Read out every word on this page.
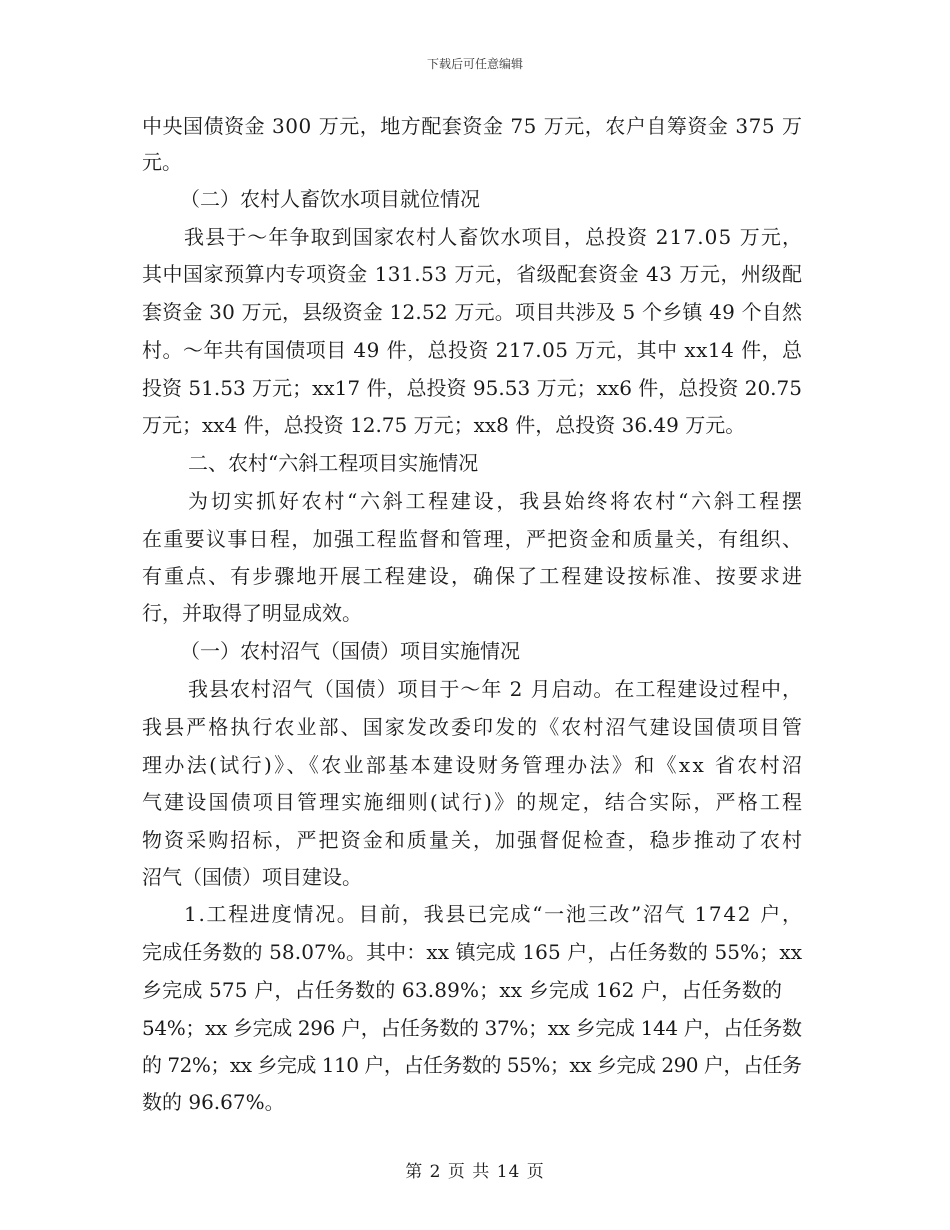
下载后可任意编辑
中央国债资金 300 万元，地方配套资金 75 万元，农户自筹资金 375 万
元。
（二）农村人畜饮水项目就位情况
我县于～年争取到国家农村人畜饮水项目，总投资 217.05 万元，
其中国家预算内专项资金 131.53 万元，省级配套资金 43 万元，州级配
套资金 30 万元，县级资金 12.52 万元。项目共涉及 5 个乡镇 49 个自然
村。～年共有国债项目 49 件，总投资 217.05 万元，其中 xx14 件，总
投资 51.53 万元；xx17 件，总投资 95.53 万元；xx6 件，总投资 20.75
万元；xx4 件，总投资 12.75 万元；xx8 件，总投资 36.49 万元。
二、农村“六斜工程项目实施情况
为切实抓好农村“六斜工程建设，我县始终将农村“六斜工程摆
在重要议事日程，加强工程监督和管理，严把资金和质量关，有组织、
有重点、有步骤地开展工程建设，确保了工程建设按标准、按要求进
行，并取得了明显成效。
（一）农村沼气（国债）项目实施情况
我县农村沼气（国债）项目于～年 2 月启动。在工程建设过程中，
我县严格执行农业部、国家发改委印发的《农村沼气建设国债项目管
理办法(试行)》、《农业部基本建设财务管理办法》和《xx 省农村沼
气建设国债项目管理实施细则(试行)》的规定，结合实际，严格工程
物资采购招标，严把资金和质量关，加强督促检查，稳步推动了农村
沼气（国债）项目建设。
1.工程进度情况。目前，我县已完成“一池三改”沼气 1742 户，
完成任务数的 58.07%。其中：xx 镇完成 165 户，占任务数的 55%；xx
乡完成 575 户，占任务数的 63.89%；xx 乡完成 162 户，占任务数的
54%；xx 乡完成 296 户，占任务数的 37%；xx 乡完成 144 户，占任务数
的 72%；xx 乡完成 110 户，占任务数的 55%；xx 乡完成 290 户，占任务
数的 96.67%。
第 2 页 共 14 页
